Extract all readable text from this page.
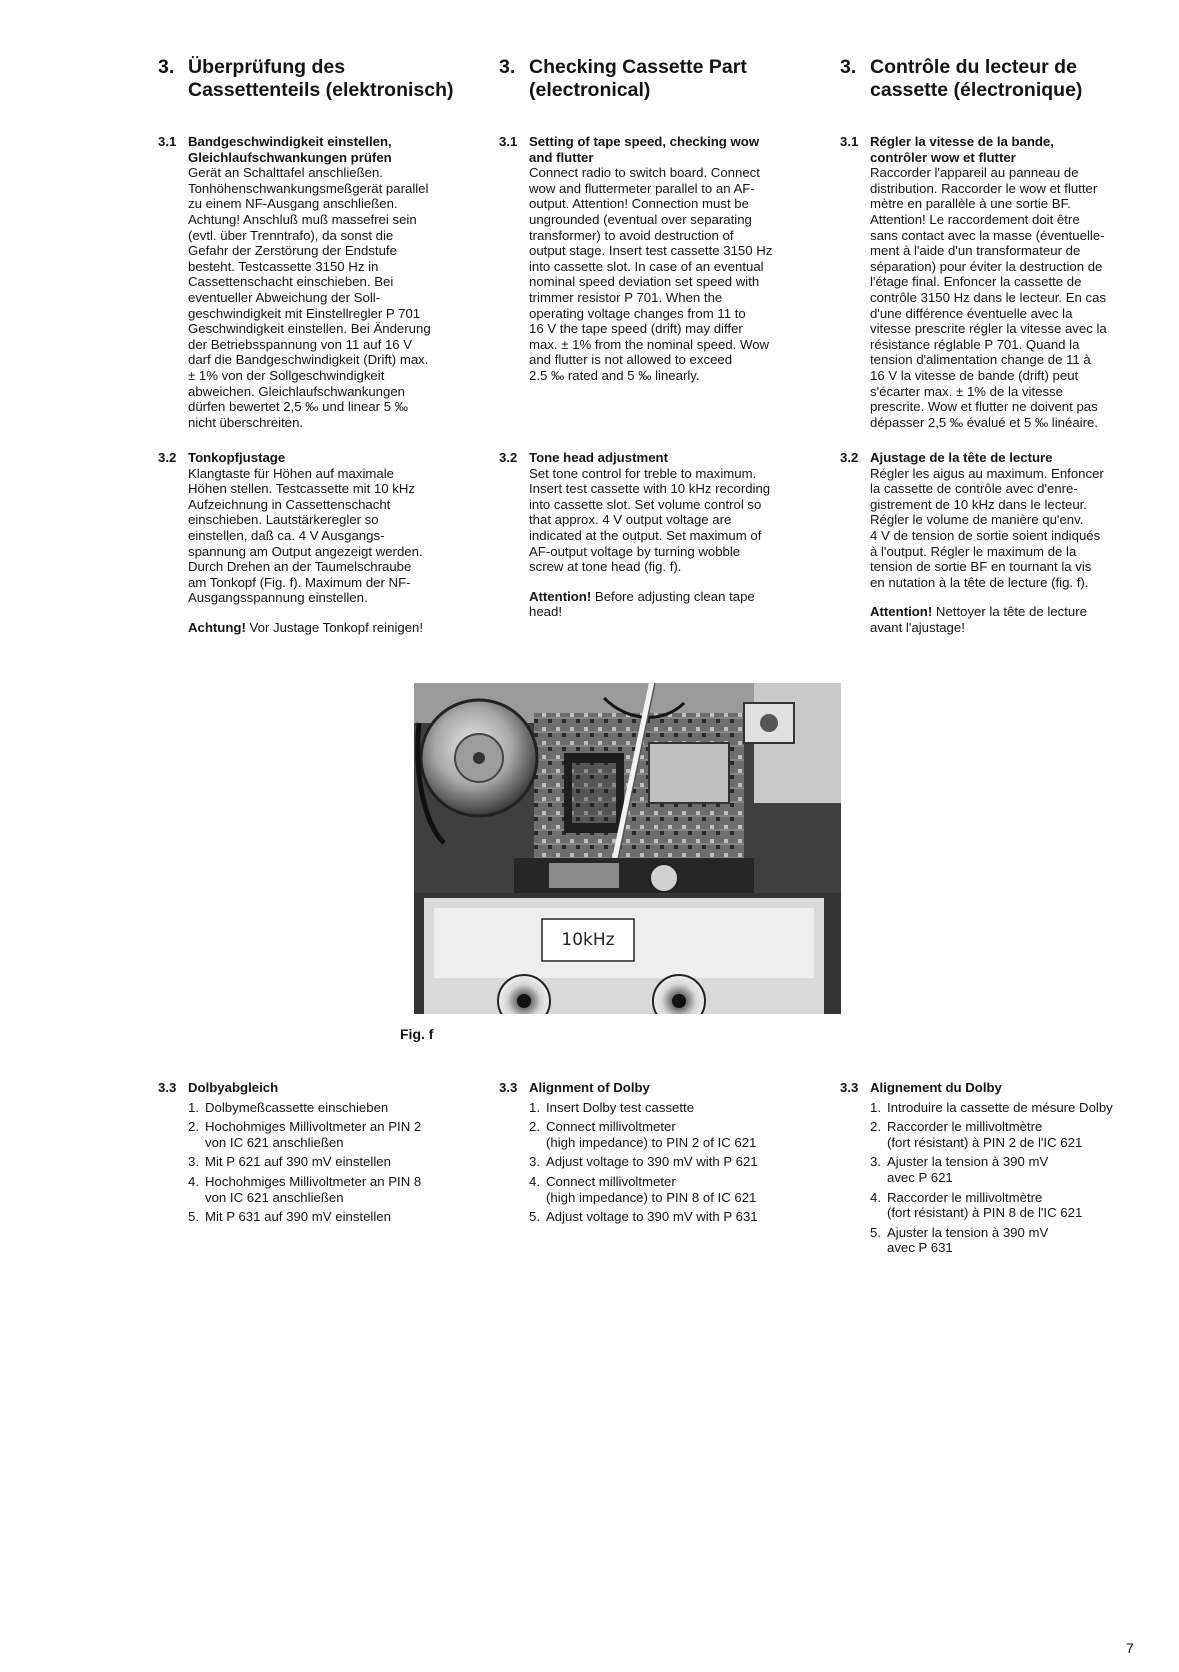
3. Überprüfung des
Cassettenteils (elektronisch)
3.1 Bandgeschwindigkeit einstellen,
Gleichlaufschwankungen prüfen

Gerät an Schalttafel anschließen.
Tonhöhenschwankungsmeßgerät parallel
zu einem NF-Ausgang anschließen.
Achtung! Anschluß muß massefrei sein
(evtl. über Trenntrafo), da sonst die
Gefahr der Zerstörung der Endstufe
besteht. Testcassette 3150 Hz in
Cassettenschacht einschieben. Bei
eventueller Abweichung der Soll-
geschwindigkeit mit Einstellregler P 701
Geschwindigkeit einstellen. Bei Änderung
der Betriebsspannung von 11 auf 16 V
darf die Bandgeschwindigkeit (Drift) max.
± 1% von der Sollgeschwindigkeit
abweichen. Gleichlaufschwankungen
dürfen bewertet 2,5 ‰ und linear 5 ‰
nicht überschreiten.

3.2 Tonkopfjustage

Klangtaste für Höhen auf maximale
Höhen stellen. Testcassette mit 10 kHz
Aufzeichnung in Cassettenschacht
einschieben. Lautstärkeregler so
einstellen, daß ca. 4 V Ausgangs-
spannung am Output angezeigt werden.
Durch Drehen an der Taumelschraube
am Tonkopf (Fig. f). Maximum der NF-
Ausgangsspannung einstellen.

Achtung! Vor Justage Tonkopf reinigen!

3.3 Dolbyabgleich
1. Dolbymeßcassette einschieben
2. Hochohmiges Millivoltmeter an PIN 2
von IC 621 anschließen
3. Mit P 621 auf 390 mV einstellen
4. Hochohmiges Millivoltmeter an PIN 8
von IC 621 anschließen
5. Mit P 631 auf 390 mV einstellen
3. Checking Cassette Part
(electronical)
3.1 Setting of tape speed, checking wow
and flutter

Connect radio to switch board. Connect
wow and fluttermeter parallel to an AF-
output. Attention! Connection must be
ungrounded (eventual over separating
transformer) to avoid destruction of
output stage. Insert test cassette 3150 Hz
into cassette slot. In case of an eventual
nominal speed deviation set speed with
trimmer resistor P 701. When the
operating voltage changes from 11 to
16 V the tape speed (drift) may differ
max. ± 1% from the nominal speed. Wow
and flutter is not allowed to exceed
2.5 ‰ rated and 5 ‰ linearly.

3.2 Tone head adjustment

Set tone control for treble to maximum.
Insert test cassette with 10 kHz recording
into cassette slot. Set volume control so
that approx. 4 V output voltage are
indicated at the output. Set maximum of
AF-output voltage by turning wobble
screw at tone head (fig. f).

Attention! Before adjusting clean tape
head!

3.3 Alignment of Dolby
1. Insert Dolby test cassette
2. Connect millivoltmeter
(high impedance) to PIN 2 of IC 621
3. Adjust voltage to 390 mV with P 621
4. Connect millivoltmeter
(high impedance) to PIN 8 of IC 621
5. Adjust voltage to 390 mV with P 631
3. Contrôle du lecteur de
cassette (électronique)
3.1 Régler la vitesse de la bande,
contrôler wow et flutter

Raccorder l'appareil au panneau de
distribution. Raccorder le wow et flutter
mètre en parallèle à une sortie BF.
Attention! Le raccordement doit être
sans contact avec la masse (éventuelle-
ment à l'aide d'un transformateur de
séparation) pour éviter la destruction de
l'étage final. Enfoncer la cassette de
contrôle 3150 Hz dans le lecteur. En cas
d'une différence éventuelle avec la
vitesse prescrite régler la vitesse avec la
résistance réglable P 701. Quand la
tension d'alimentation change de 11 à
16 V la vitesse de bande (drift) peut
s'écarter max. ± 1% de la vitesse
prescrite. Wow et flutter ne doivent pas
dépasser 2,5 ‰ évalué et 5 ‰ linéaire.

3.2 Ajustage de la tête de lecture

Régler les aigus au maximum. Enfoncer
la cassette de contrôle avec d'enre-
gistrement de 10 kHz dans le lecteur.
Régler le volume de manière qu'env.
4 V de tension de sortie soient indiqués
à l'output. Régler le maximum de la
tension de sortie BF en tournant la vis
en nutation à la tête de lecture (fig. f).

Attention! Nettoyer la tête de lecture
avant l'ajustage!

3.3 Alignement du Dolby
1. Introduire la cassette de mésure Dolby
2. Raccorder le millivoltmètre
(fort résistant) à PIN 2 de l'IC 621
3. Ajuster la tension à 390 mV
avec P 621
4. Raccorder le millivoltmètre
(fort résistant) à PIN 8 de l'IC 621
5. Ajuster la tension à 390 mV
avec P 631
10kHz
Fig. f
7
